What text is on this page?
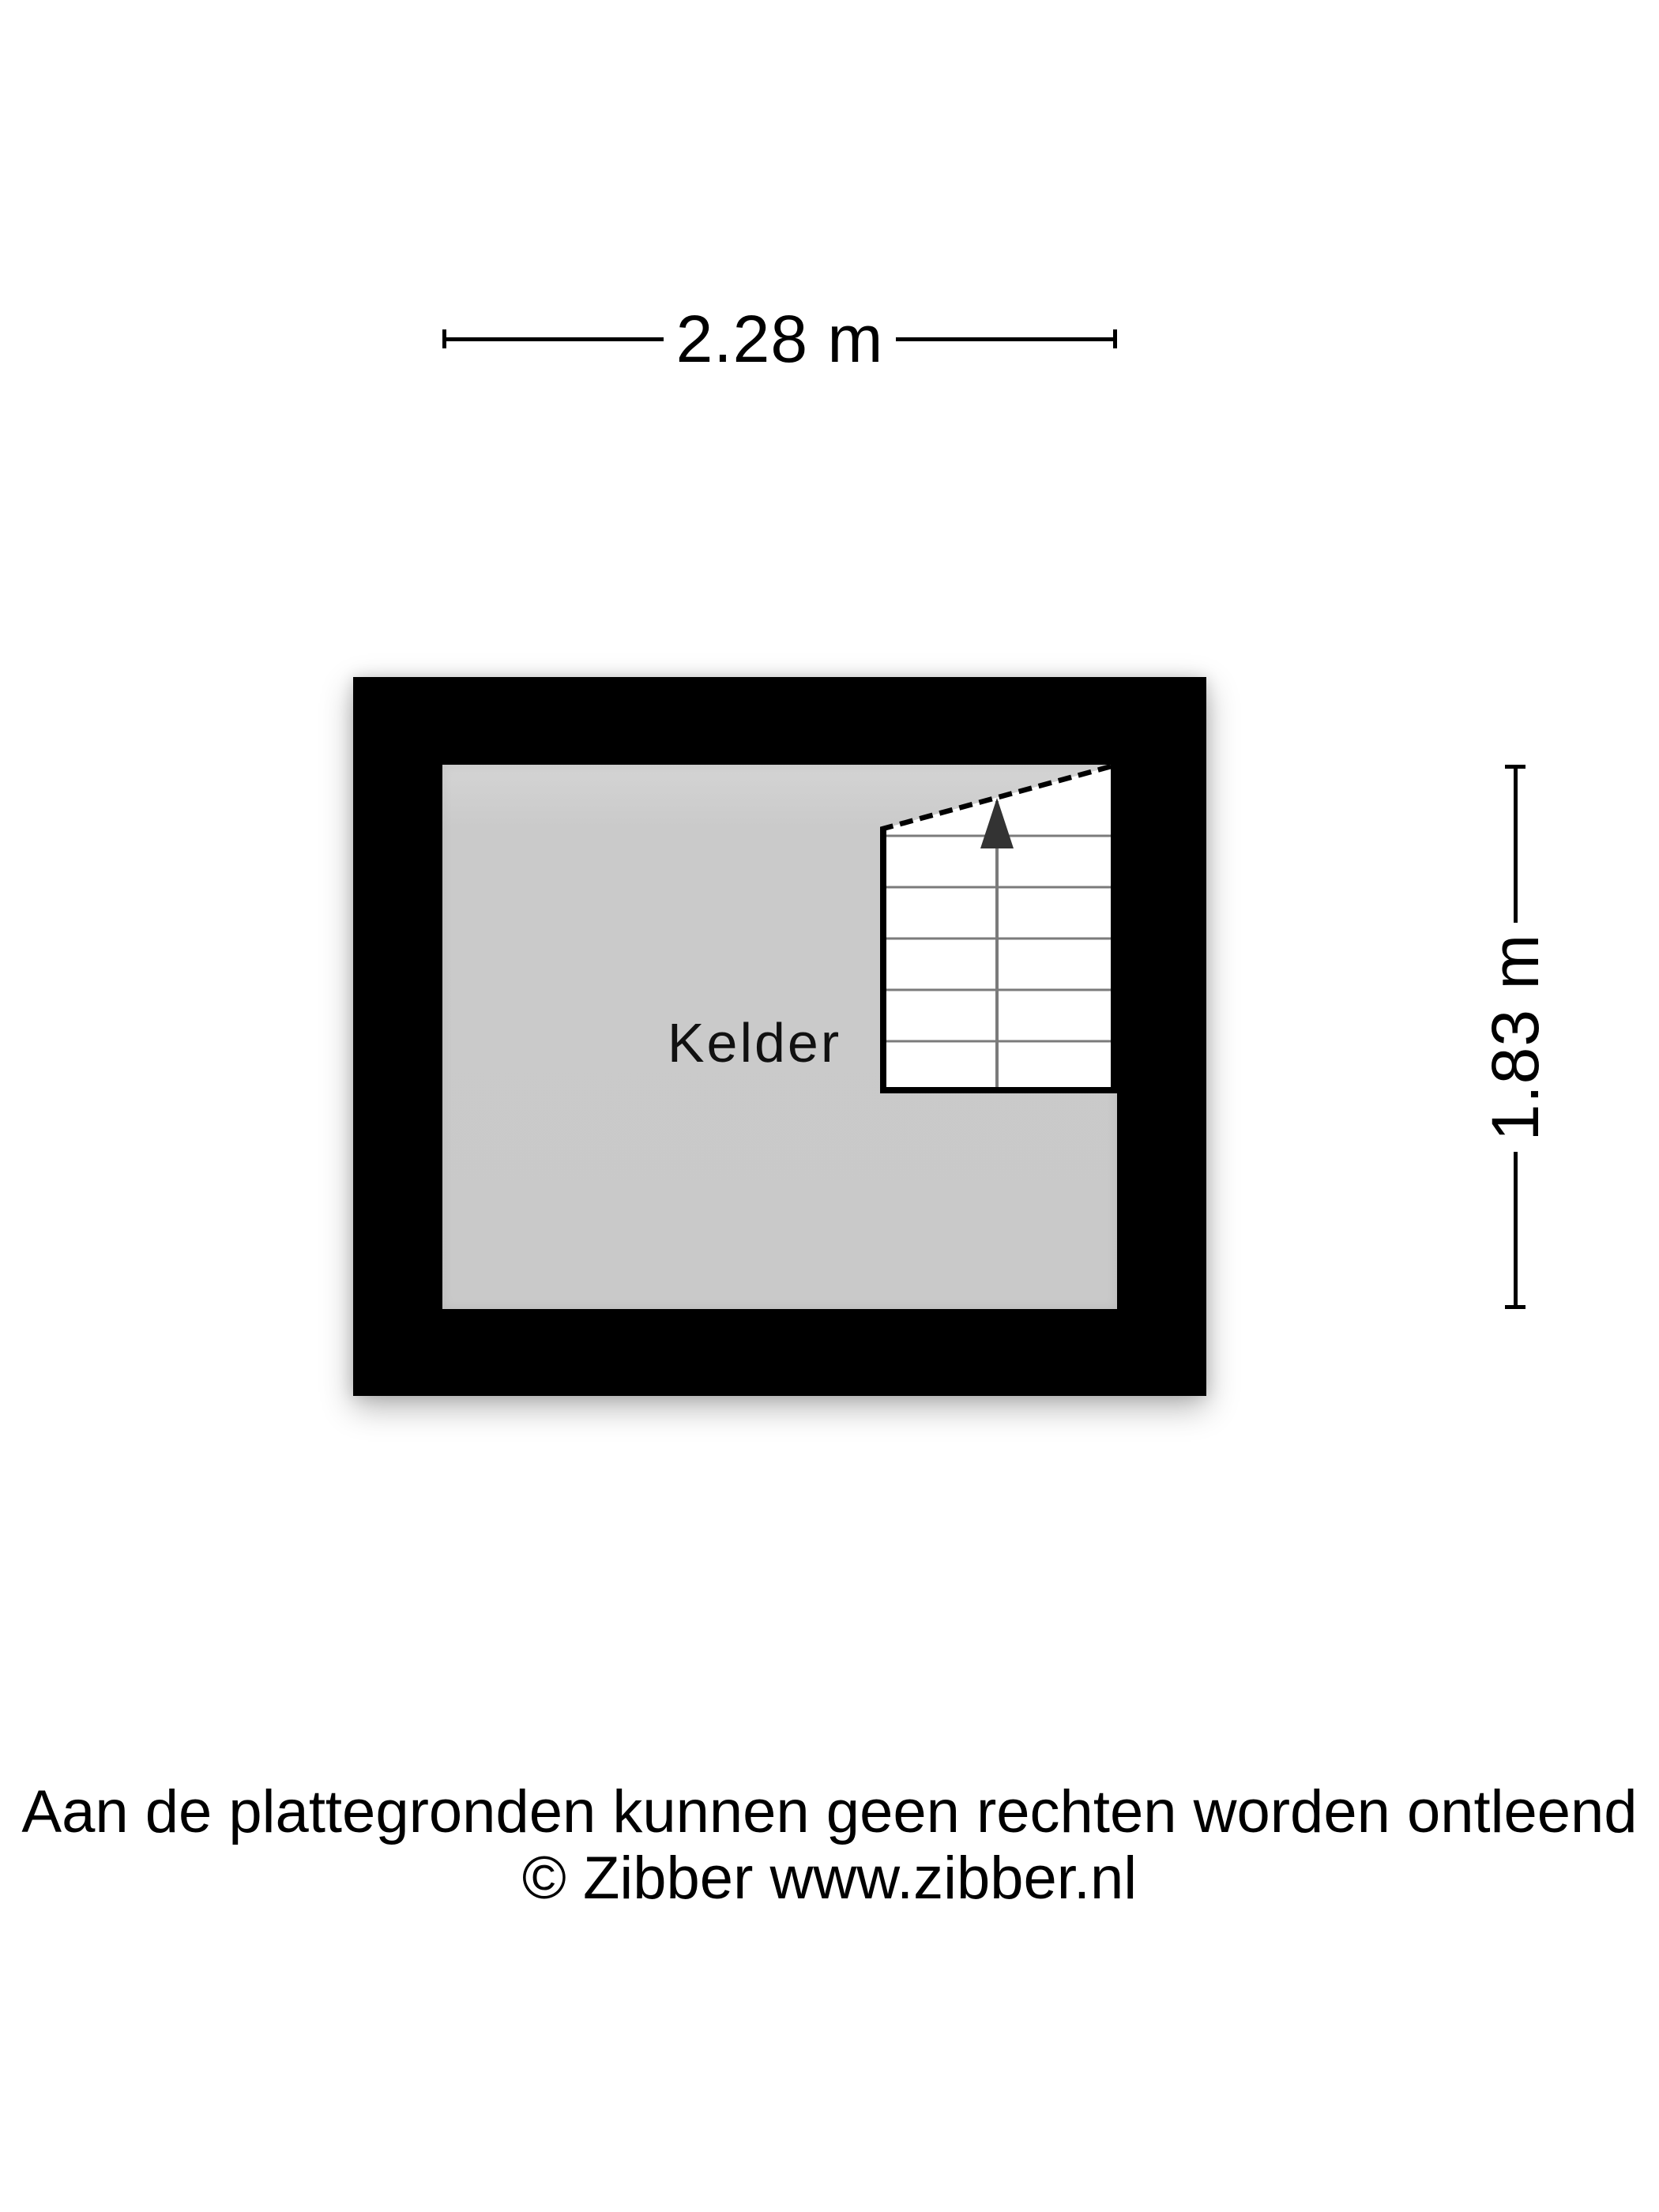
2.28 m
1.83 m
Kelder
Aan de plattegronden kunnen geen rechten worden ontleend
© Zibber www.zibber.nl
